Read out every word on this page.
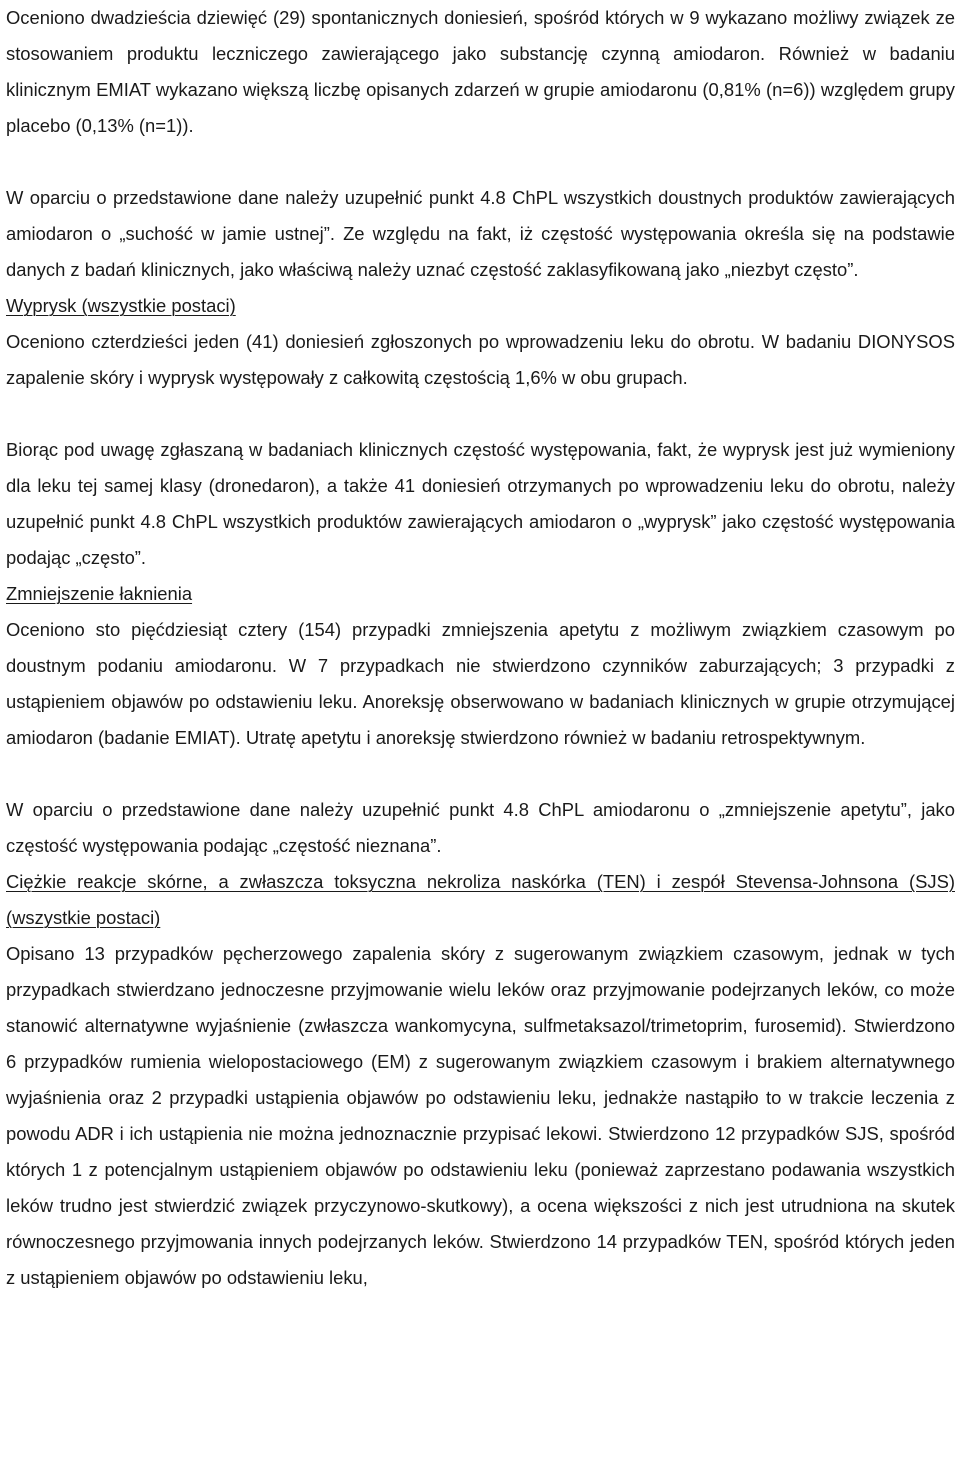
Oceniono dwadzieścia dziewięć (29) spontanicznych doniesień, spośród których w 9 wykazano możliwy związek ze stosowaniem produktu leczniczego zawierającego jako substancję czynną amiodaron. Również w badaniu klinicznym EMIAT wykazano większą liczbę opisanych zdarzeń w grupie amiodaronu (0,81% (n=6)) względem grupy placebo (0,13% (n=1)).

W oparciu o przedstawione dane należy uzupełnić punkt 4.8 ChPL wszystkich doustnych produktów zawierających amiodaron o „suchość w jamie ustnej”. Ze względu na fakt, iż częstość występowania określa się na podstawie danych z badań klinicznych, jako właściwą należy uznać częstość zaklasyfikowaną jako „niezbyt często”.

Wyprysk (wszystkie postaci)

Oceniono czterdzieści jeden (41) doniesień zgłoszonych po wprowadzeniu leku do obrotu. W badaniu DIONYSOS zapalenie skóry i wyprysk występowały z całkowitą częstością 1,6% w obu grupach.

Biorąc pod uwagę zgłaszaną w badaniach klinicznych częstość występowania, fakt, że wyprysk jest już wymieniony dla leku tej samej klasy (dronedaron), a także 41 doniesień otrzymanych po wprowadzeniu leku do obrotu, należy uzupełnić punkt 4.8 ChPL wszystkich produktów zawierających amiodaron o „wyprysk” jako częstość występowania podając „często”.

Zmniejszenie łaknienia

Oceniono sto pięćdziesiąt cztery (154) przypadki zmniejszenia apetytu z możliwym związkiem czasowym po doustnym podaniu amiodaronu. W 7 przypadkach nie stwierdzono czynników zaburzających; 3 przypadki z ustąpieniem objawów po odstawieniu leku. Anoreksję obserwowano w badaniach klinicznych w grupie otrzymującej amiodaron (badanie EMIAT). Utratę apetytu i anoreksję stwierdzono również w badaniu retrospektywnym.

W oparciu o przedstawione dane należy uzupełnić punkt 4.8 ChPL amiodaronu o „zmniejszenie apetytu”, jako częstość występowania podając „częstość nieznana”.

Ciężkie reakcje skórne, a zwłaszcza toksyczna nekroliza naskórka (TEN) i zespół Stevensa-Johnsona (SJS) (wszystkie postaci)

Opisano 13 przypadków pęcherzowego zapalenia skóry z sugerowanym związkiem czasowym, jednak w tych przypadkach stwierdzano jednoczesne przyjmowanie wielu leków oraz przyjmowanie podejrzanych leków, co może stanowić alternatywne wyjaśnienie (zwłaszcza wankomycyna, sulfmetaksazol/trimetoprim, furosemid). Stwierdzono 6 przypadków rumienia wielopostaciowego (EM) z sugerowanym związkiem czasowym i brakiem alternatywnego wyjaśnienia oraz 2 przypadki ustąpienia objawów po odstawieniu leku, jednakże nastąpiło to w trakcie leczenia z powodu ADR i ich ustąpienia nie można jednoznacznie przypisać lekowi. Stwierdzono 12 przypadków SJS, spośród których 1 z potencjalnym ustąpieniem objawów po odstawieniu leku (ponieważ zaprzestano podawania wszystkich leków trudno jest stwierdzić związek przyczynowo-skutkowy), a ocena większości z nich jest utrudniona na skutek równoczesnego przyjmowania innych podejrzanych leków. Stwierdzono 14 przypadków TEN, spośród których jeden z ustąpieniem objawów po odstawieniu leku,
